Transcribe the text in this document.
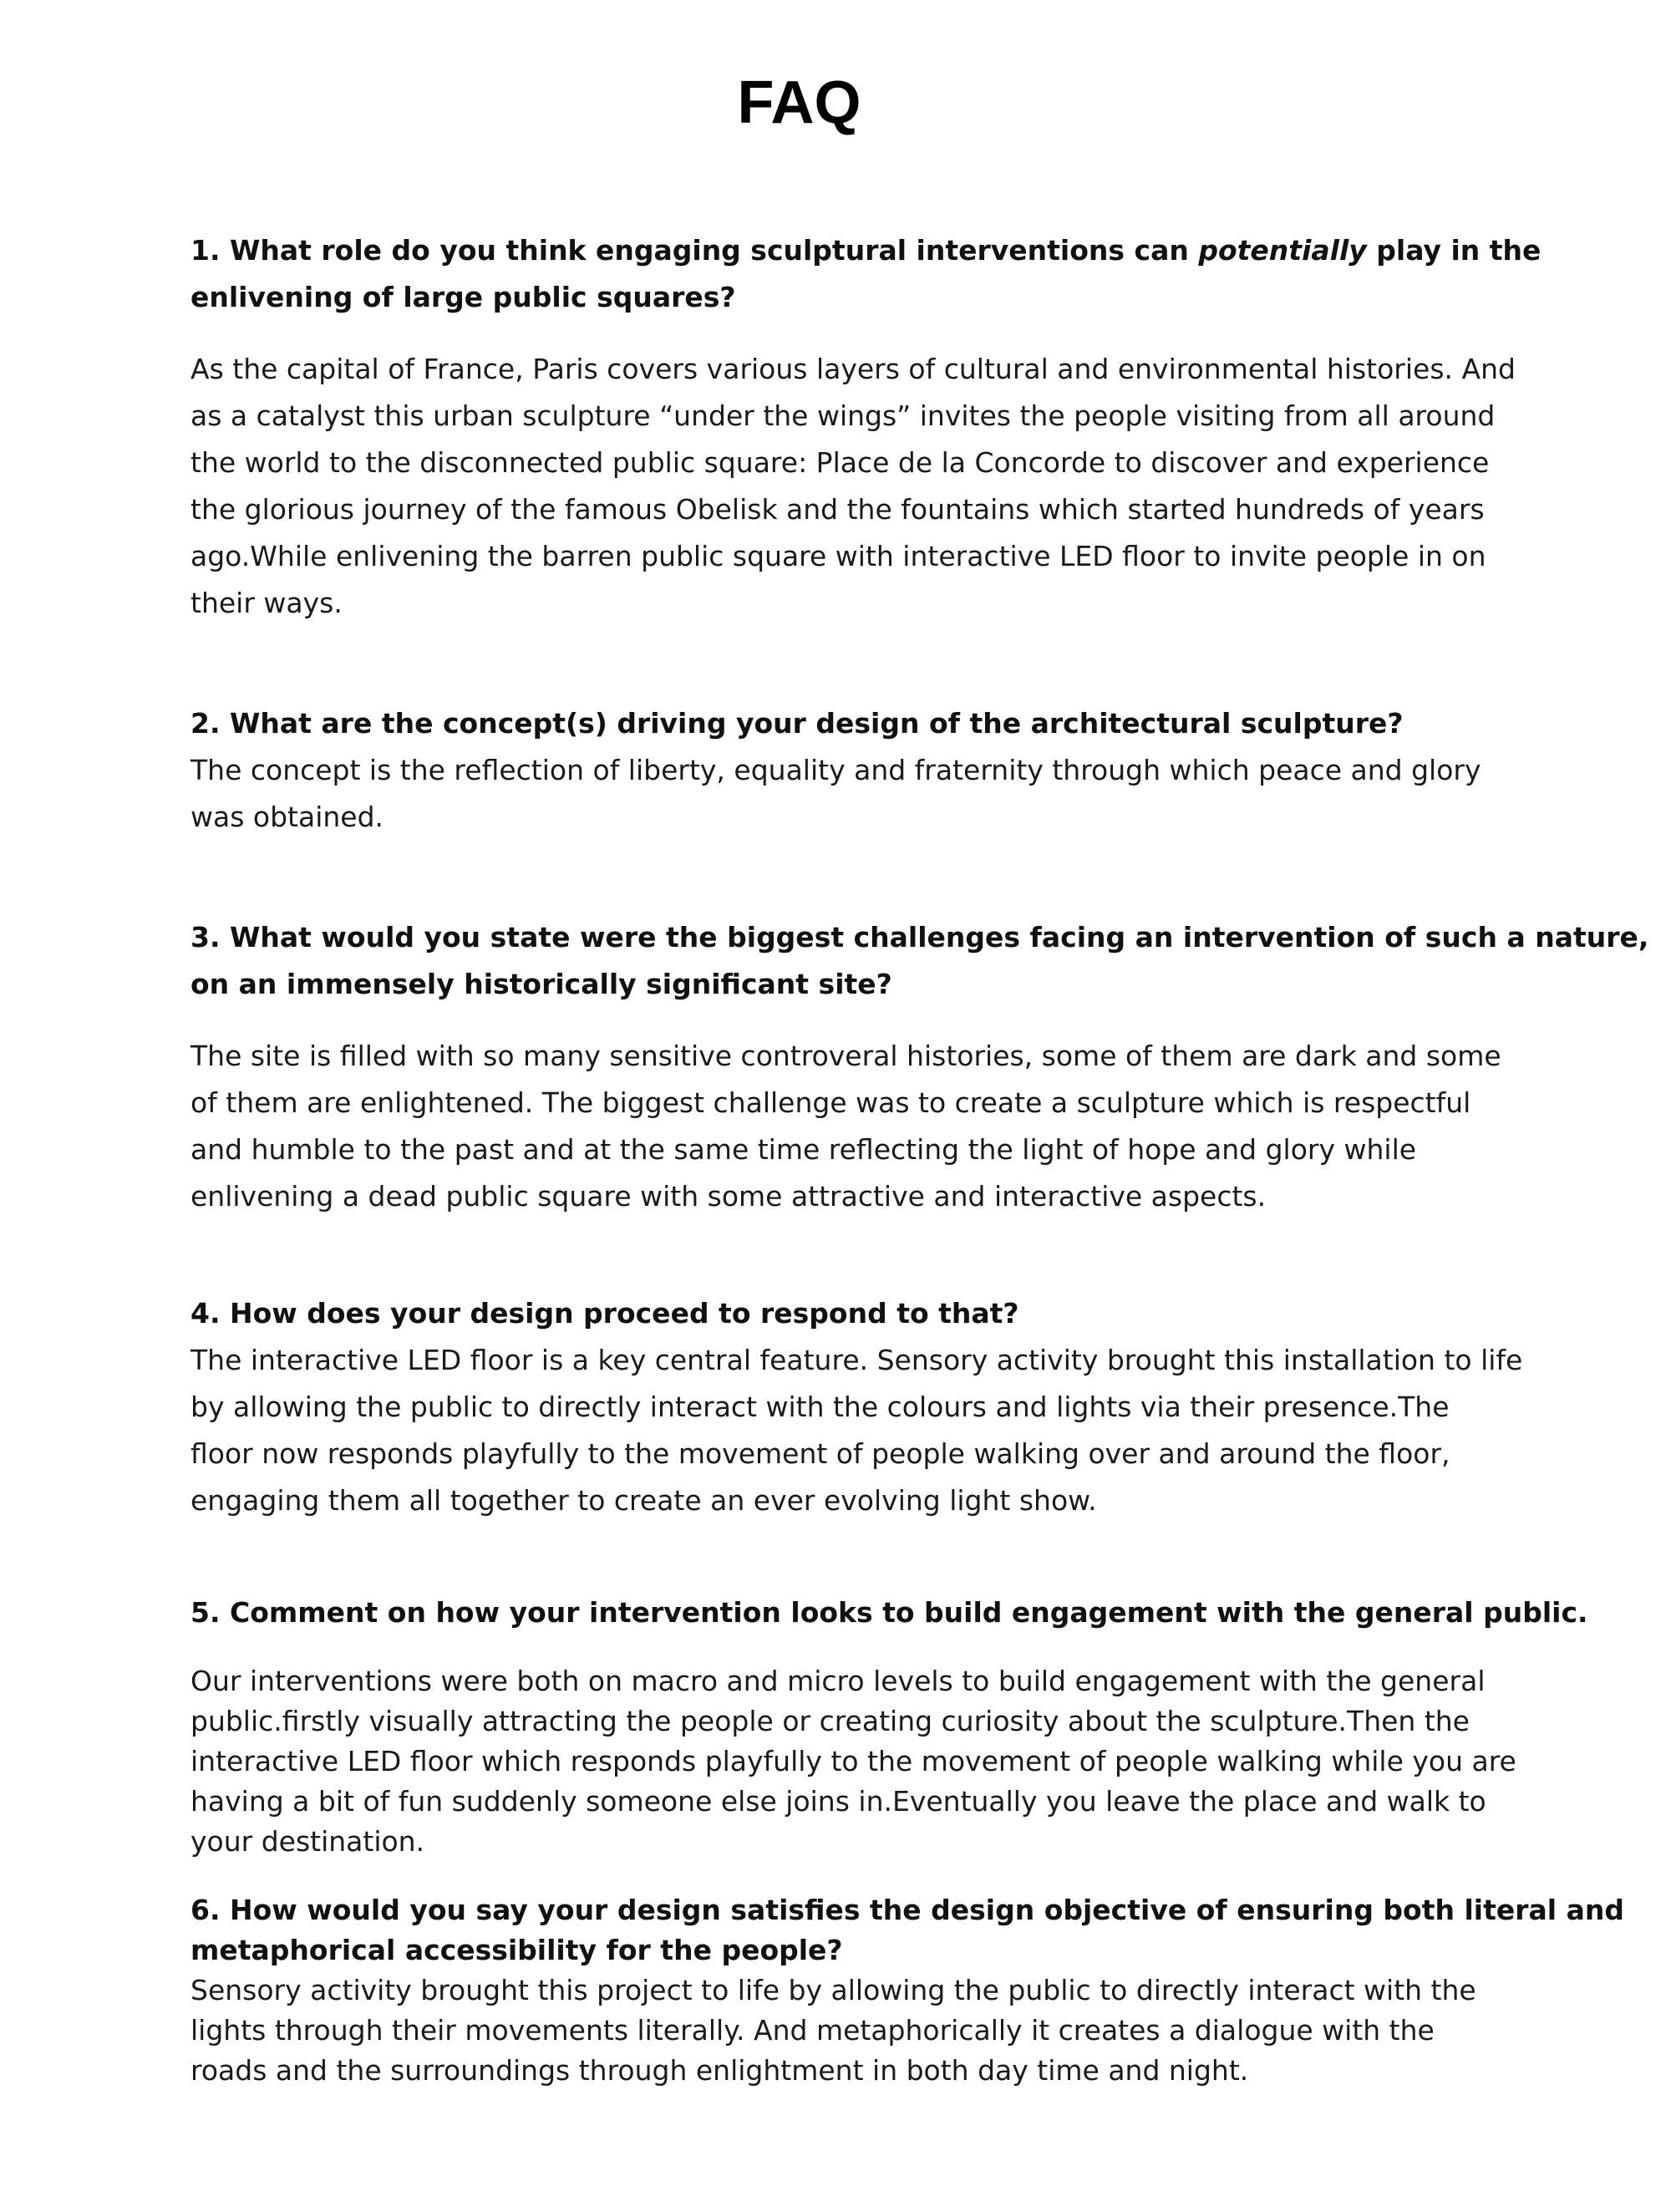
FAQ

1. What role do you think engaging sculptural interventions can potentially play in the
enlivening of large public squares?

As the capital of France, Paris covers various layers of cultural and environmental histories. And
as a catalyst this urban sculpture “under the wings” invites the people visiting from all around
the world to the disconnected public square: Place de la Concorde to discover and experience
the glorious journey of the famous Obelisk and the fountains which started hundreds of years
ago.While enlivening the barren public square with interactive LED floor to invite people in on
their ways.

2. What are the concept(s) driving your design of the architectural sculpture?

The concept is the reflection of liberty, equality and fraternity through which peace and glory
was obtained.

3. What would you state were the biggest challenges facing an intervention of such a nature,
on an immensely historically significant site?

The site is filled with so many sensitive controveral histories, some of them are dark and some
of them are enlightened. The biggest challenge was to create a sculpture which is respectful
and humble to the past and at the same time reflecting the light of hope and glory while
enlivening a dead public square with some attractive and interactive aspects.

4. How does your design proceed to respond to that?

The interactive LED floor is a key central feature. Sensory activity brought this installation to life
by allowing the public to directly interact with the colours and lights via their presence.The
floor now responds playfully to the movement of people walking over and around the floor,
engaging them all together to create an ever evolving light show.

5. Comment on how your intervention looks to build engagement with the general public.

Our interventions were both on macro and micro levels to build engagement with the general
public.firstly visually attracting the people or creating curiosity about the sculpture.Then the
interactive LED floor which responds playfully to the movement of people walking while you are
having a bit of fun suddenly someone else joins in.Eventually you leave the place and walk to
your destination.

6. How would you say your design satisfies the design objective of ensuring both literal and
metaphorical accessibility for the people?

Sensory activity brought this project to life by allowing the public to directly interact with the
lights through their movements literally. And metaphorically it creates a dialogue with the
roads and the surroundings through enlightment in both day time and night.
